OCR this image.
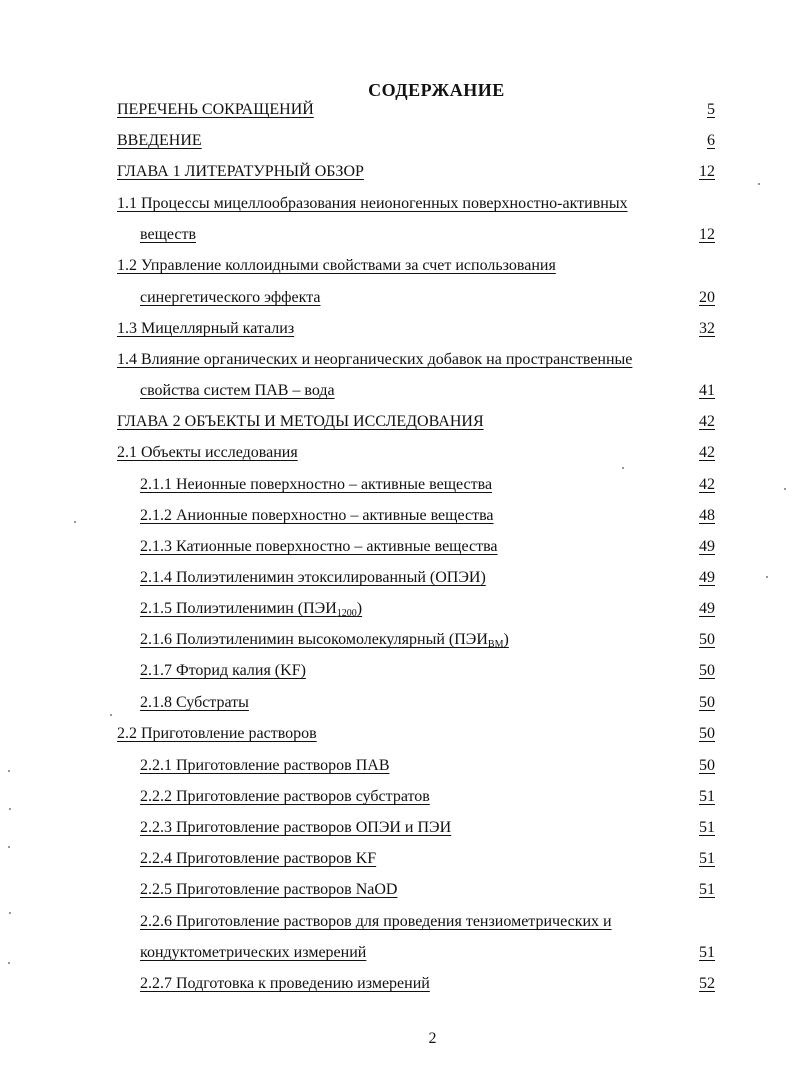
СОДЕРЖАНИЕ
ПЕРЕЧЕНЬ СОКРАЩЕНИЙ	5
ВВЕДЕНИЕ	6
ГЛАВА 1 ЛИТЕРАТУРНЫЙ ОБЗОР	12
1.1 Процессы мицеллообразования неионогенных поверхностно-активных
веществ	12
1.2 Управление коллоидными свойствами за счет использования
синергетического эффекта	20
1.3 Мицеллярный катализ	32
1.4 Влияние органических и неорганических добавок на пространственные
свойства систем ПАВ – вода	41
ГЛАВА 2 ОБЪЕКТЫ И МЕТОДЫ ИССЛЕДОВАНИЯ	42
2.1 Объекты исследования	42
2.1.1 Неионные поверхностно – активные вещества	42
2.1.2 Анионные поверхностно – активные вещества	48
2.1.3 Катионные поверхностно – активные вещества	49
2.1.4 Полиэтиленимин этоксилированный (ОПЭИ)	49
2.1.5 Полиэтиленимин $(ПЭИ_{1200})$	49
2.1.6 Полиэтиленимин высокомолекулярный $(ПЭИ_{ВМ})$	50
2.1.7 Фторид калия (KF)	50
2.1.8 Субстраты	50
2.2 Приготовление растворов	50
2.2.1 Приготовление растворов ПАВ	50
2.2.2 Приготовление растворов субстратов	51
2.2.3 Приготовление растворов ОПЭИ и ПЭИ	51
2.2.4 Приготовление растворов KF	51
2.2.5 Приготовление растворов NaOD	51
2.2.6 Приготовление растворов для проведения тензиометрических и
кондуктометрических измерений	51
2.2.7 Подготовка к проведению измерений	52
2
